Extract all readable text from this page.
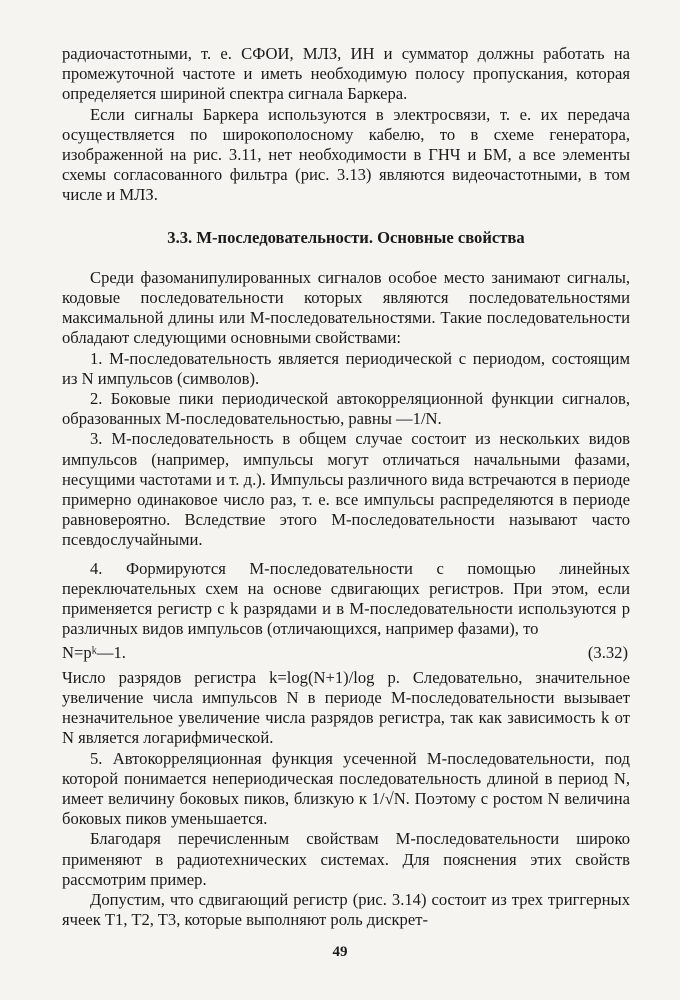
радиочастотными, т. е. СФОИ, МЛЗ, ИН и сумматор должны работать на промежуточной частоте и иметь необходимую полосу пропускания, которая определяется шириной спектра сигнала Баркера.

Если сигналы Баркера используются в электросвязи, т. е. их передача осуществляется по широкополосному кабелю, то в схеме генератора, изображенной на рис. 3.11, нет необходимости в ГНЧ и БМ, а все элементы схемы согласованного фильтра (рис. 3.13) являются видеочастотными, в том числе и МЛЗ.

3.3. M-последовательности. Основные свойства

Среди фазоманипулированных сигналов особое место занимают сигналы, кодовые последовательности которых являются последовательностями максимальной длины или M-последовательностями. Такие последовательности обладают следующими основными свойствами:

1. M-последовательность является периодической с периодом, состоящим из N импульсов (символов).

2. Боковые пики периодической автокорреляционной функции сигналов, образованных M-последовательностью, равны —1/N.

3. M-последовательность в общем случае состоит из нескольких видов импульсов (например, импульсы могут отличаться начальными фазами, несущими частотами и т. д.). Импульсы различного вида встречаются в периоде примерно одинаковое число раз, т. е. все импульсы распределяются в периоде равновероятно. Вследствие этого M-последовательности называют часто псевдослучайными.

4. Формируются M-последовательности с помощью линейных переключательных схем на основе сдвигающих регистров. При этом, если применяется регистр с k разрядами и в M-последовательности используются p различных видов импульсов (отличающихся, например фазами), то

N=pᵏ—1.	(3.32)

Число разрядов регистра k=log(N+1)/log p. Следовательно, значительное увеличение числа импульсов N в периоде M-последовательности вызывает незначительное увеличение числа разрядов регистра, так как зависимость k от N является логарифмической.

5. Автокорреляционная функция усеченной M-последовательности, под которой понимается непериодическая последовательность длиной в период N, имеет величину боковых пиков, близкую к 1/√N. Поэтому с ростом N величина боковых пиков уменьшается.

Благодаря перечисленным свойствам M-последовательности широко применяют в радиотехнических системах. Для пояснения этих свойств рассмотрим пример.

Допустим, что сдвигающий регистр (рис. 3.14) состоит из трех триггерных ячеек T1, T2, T3, которые выполняют роль дискрет-

49
